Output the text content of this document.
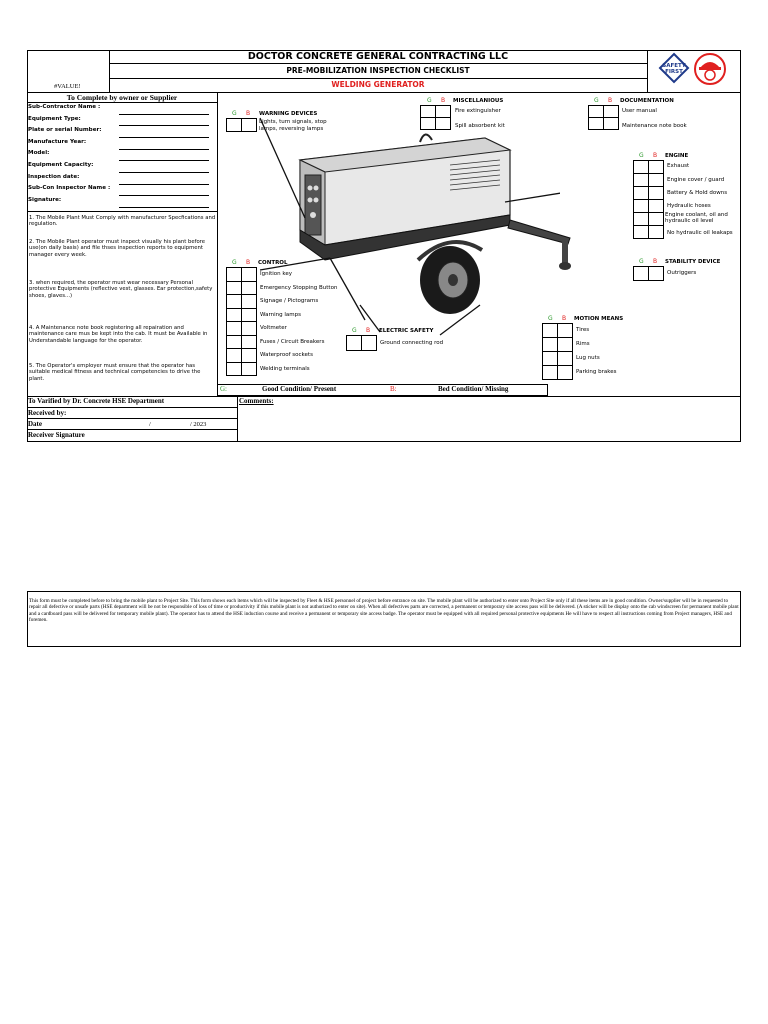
DOCTOR CONCRETE GENERAL CONTRACTING LLC
PRE-MOBILIZATION INSPECTION CHECKLIST
WELDING GENERATOR
#VALUE!
SAFETY
FIRST
To Complete by owner or Supplier
Sub-Contractor Name :
Equipment Type:
Plate or serial Number:
Manufacture Year:
Model:
Equipment Capacity:
Inspection date:
Sub-Con Inspector Name :
Signature:
1. The Mobile Plant Must Comply with manufacturer Specfications and regulation.
2. The Mobile Plant operator must inspect visually his plant before use(on daily basis) and file thses inspection reports to equipment manager every week.
3. when required, the operator must wear necessary Personal protective Equipments (reflective vest, glasses. Ear protection,safety shoes, glaves...)
4. A Maintenance note book registering all repairation and maintenance care mus be kept into the cab. It must be Available in Understandable language for the operator.
5. The Operator's employer must ensure that the operator has suitable medical fitness and technical competencies to drive the plant.
G B WARNING DEVICES
Lights, turn signals, stop lamps, reversing lamps
G B MISCELLANIOUS
Fire extinguisher
Spill absorbent kit
G B DOCUMENTATION
User manual
Maintenance note book
G B ENGINE
Exhaust
Engine cover / guard
Battery & Hold downs
Hydraulic hoses
Engine coolant, oil and hydraulic oil level
No hydraulic oil leakaps
G B STABILITY DEVICE
Outriggers
G B CONTROL
Ignition key
Emergency Stopping Button
Signage / Pictograms
Warning lamps
Voltmeter
Fuses / Circuit Breakers
Waterproof sockets
Welding terminals
G B ELECTRIC SAFETY
Ground connecting rod
G B MOTION MEANS
Tires
Rims
Lug nuts
Parking brakes
G:	Good Condition/ Present	B:	Bed Condition/ Missing
To Varified by Dr. Concrete HSE Department
Received by:
Date	/	/ 2023
Receiver Signature
Comments:
This form must be completed before to bring the mobile plant to Project Site. This form shows each items which will be inspected by Fleet & HSE personnel of project before entrance on site. The mobile plant will be authorized to enter onto Project Site only if all these items are in good condition. Owner/supplier will be in requested to repair all defective or unsafe parts (HSE department will be not be responsible of loss of time or productivity if this mobile plant is not authorized to enter on site). When all defectives parts are corrected, a permanent or temporary site access pass will be delivered. (A sticker will be display onto the cab windscreen for permanent mobile plant and a cardboard pass will be delivered for temporary mobile plant). The operator has to attend the HSE induction course and receive a permanent or temporary site access badge. The operator must be equipped with all required personal protective equipments He will have to respect all instructions coming from Project managers, HSE and foremen.
